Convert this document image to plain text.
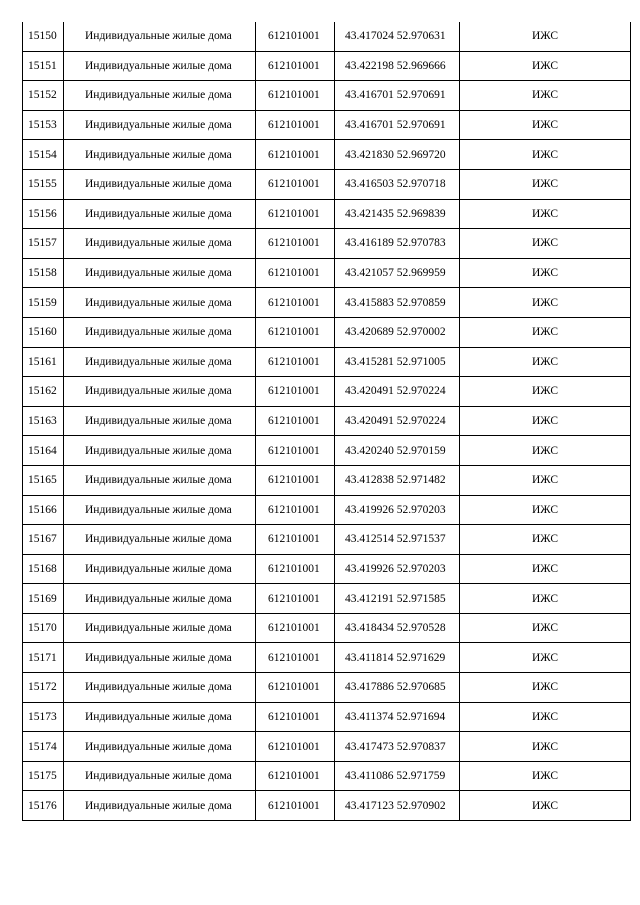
15150	Индивидуальные жилые дома	612101001	43.417024 52.970631	ИЖС
15151	Индивидуальные жилые дома	612101001	43.422198 52.969666	ИЖС
15152	Индивидуальные жилые дома	612101001	43.416701 52.970691	ИЖС
15153	Индивидуальные жилые дома	612101001	43.416701 52.970691	ИЖС
15154	Индивидуальные жилые дома	612101001	43.421830 52.969720	ИЖС
15155	Индивидуальные жилые дома	612101001	43.416503 52.970718	ИЖС
15156	Индивидуальные жилые дома	612101001	43.421435 52.969839	ИЖС
15157	Индивидуальные жилые дома	612101001	43.416189 52.970783	ИЖС
15158	Индивидуальные жилые дома	612101001	43.421057 52.969959	ИЖС
15159	Индивидуальные жилые дома	612101001	43.415883 52.970859	ИЖС
15160	Индивидуальные жилые дома	612101001	43.420689 52.970002	ИЖС
15161	Индивидуальные жилые дома	612101001	43.415281 52.971005	ИЖС
15162	Индивидуальные жилые дома	612101001	43.420491 52.970224	ИЖС
15163	Индивидуальные жилые дома	612101001	43.420491 52.970224	ИЖС
15164	Индивидуальные жилые дома	612101001	43.420240 52.970159	ИЖС
15165	Индивидуальные жилые дома	612101001	43.412838 52.971482	ИЖС
15166	Индивидуальные жилые дома	612101001	43.419926 52.970203	ИЖС
15167	Индивидуальные жилые дома	612101001	43.412514 52.971537	ИЖС
15168	Индивидуальные жилые дома	612101001	43.419926 52.970203	ИЖС
15169	Индивидуальные жилые дома	612101001	43.412191 52.971585	ИЖС
15170	Индивидуальные жилые дома	612101001	43.418434 52.970528	ИЖС
15171	Индивидуальные жилые дома	612101001	43.411814 52.971629	ИЖС
15172	Индивидуальные жилые дома	612101001	43.417886 52.970685	ИЖС
15173	Индивидуальные жилые дома	612101001	43.411374 52.971694	ИЖС
15174	Индивидуальные жилые дома	612101001	43.417473 52.970837	ИЖС
15175	Индивидуальные жилые дома	612101001	43.411086 52.971759	ИЖС
15176	Индивидуальные жилые дома	612101001	43.417123 52.970902	ИЖС
